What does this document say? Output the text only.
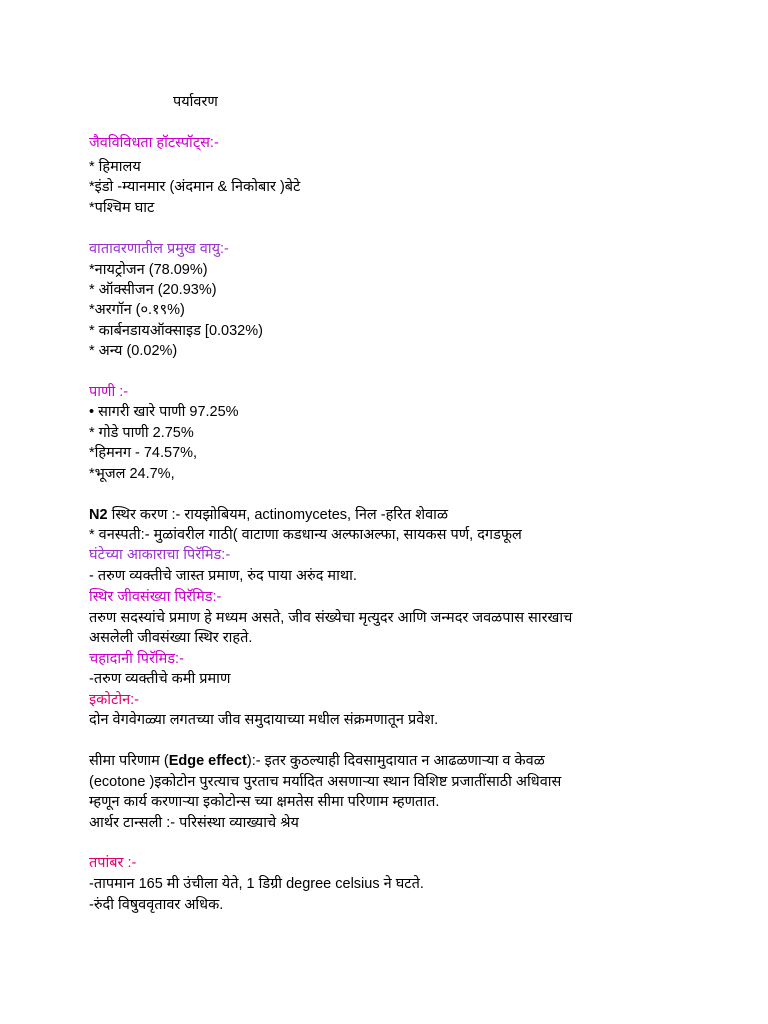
पर्यावरण
जैवविविधता हॉटस्पॉट्स:-
* हिमालय
*इंडो -म्यानमार (अंदमान & निकोबार )बेटे
*पश्चिम घाट
वातावरणातील प्रमुख वायु:-
*नायट्रोजन (78.09%)
* ऑक्सीजन (20.93%)
*अरगॉन (०.१९%)
* कार्बनडायऑक्साइड [0.032%)
* अन्य (0.02%)
पाणी :-
• सागरी खारे पाणी 97.25%
* गोडे पाणी 2.75%
*हिमनग - 74.57%,
*भूजल 24.7%,
N2 स्थिर करण :- रायझोबियम, actinomycetes, निल -हरित शेवाळ
* वनस्पती:- मुळांवरील गाठी( वाटाणा कडधान्य अल्फाअल्फा, सायकस पर्ण, दगडफूल
घंटेच्या आकाराचा पिरॅमिड:-
- तरुण व्यक्तीचे जास्त प्रमाण, रुंद पाया अरुंद माथा.
स्थिर जीवसंख्या पिरॅमिड:-
तरुण सदस्यांचे प्रमाण हे मध्यम असते, जीव संख्येचा मृत्युदर आणि जन्मदर जवळपास सारखाच
असलेली जीवसंख्या स्थिर राहते.
चहादानी पिरॅमिड:-
-तरुण व्यक्तीचे कमी प्रमाण
इकोटोन:-
दोन वेगवेगळ्या लगतच्या जीव समुदायाच्या मधील संक्रमणातून प्रवेश.
सीमा परिणाम (Edge effect):- इतर कुठल्याही दिवसामुदायात न आढळणाऱ्या व केवळ
(ecotone )इकोटोन पुरत्याच पुरताच मर्यादित असणाऱ्या स्थान विशिष्ट प्रजातींसाठी अधिवास
म्हणून कार्य करणाऱ्या इकोटोन्स च्या क्षमतेस सीमा परिणाम म्हणतात.
आर्थर टान्सली :- परिसंस्था व्याख्याचे श्रेय
तपांबर :-
-तापमान 165 मी उंचीला येते, 1 डिग्री degree celsius ने घटते.
-रुंदी विषुववृतावर अधिक.
